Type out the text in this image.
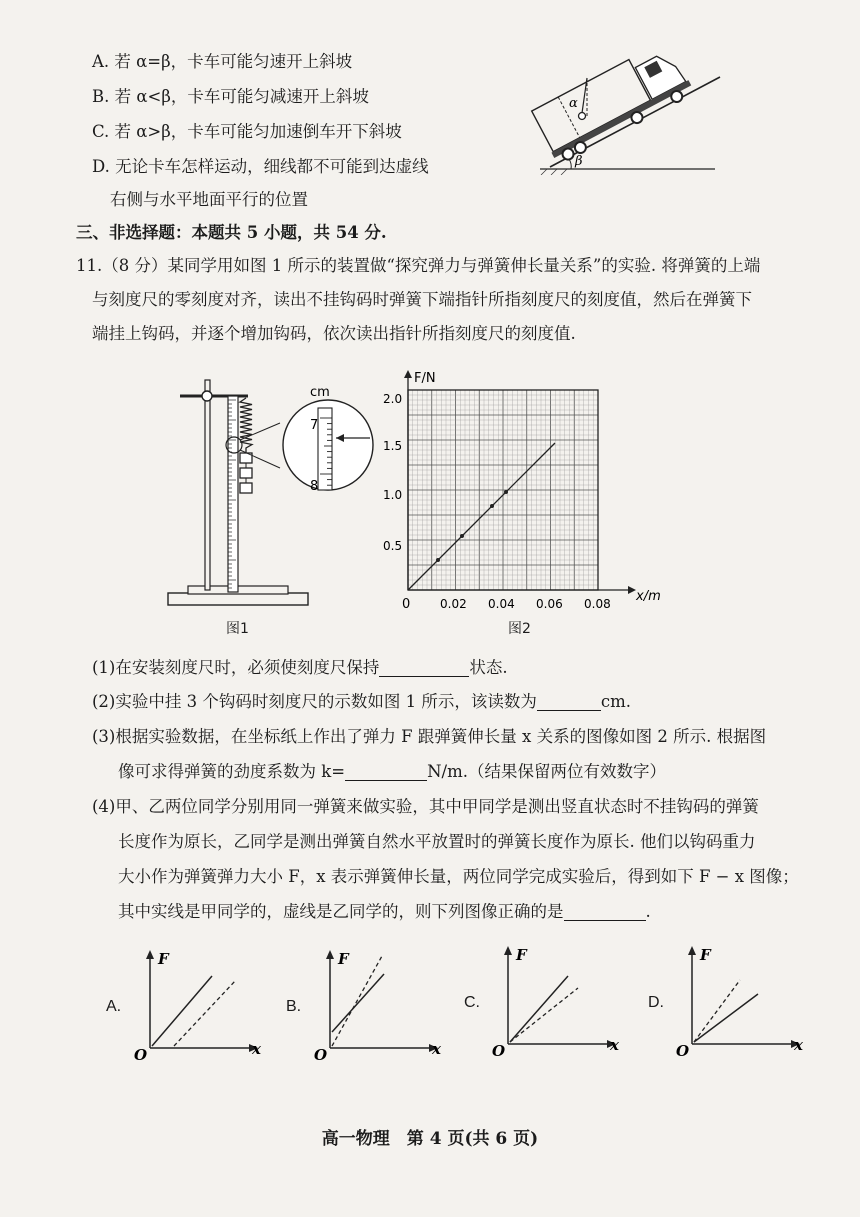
A. 若 α=β，卡车可能匀速开上斜坡
B. 若 α<β，卡车可能匀减速开上斜坡
C. 若 α>β，卡车可能匀加速倒车开下斜坡
D. 无论卡车怎样运动，细线都不可能到达虚线
右侧与水平地面平行的位置
β
α
三、非选择题：本题共 5 小题，共 54 分.
11.（8 分）某同学用如图 1 所示的装置做“探究弹力与弹簧伸长量关系”的实验. 将弹簧的上端
与刻度尺的零刻度对齐，读出不挂钩码时弹簧下端指针所指刻度尺的刻度值，然后在弹簧下
端挂上钩码，并逐个增加钩码，依次读出指针所指刻度尺的刻度值.
7
8
cm
图1
F/N
x/m
0
0.5
1.0
1.5
2.0
0.02 0.04 0.06 0.08
图2
(1)在安装刻度尺时，必须使刻度尺保持	状态.
(2)实验中挂 3 个钩码时刻度尺的示数如图 1 所示，该读数为	cm.
(3)根据实验数据，在坐标纸上作出了弹力 F 跟弹簧伸长量 x 关系的图像如图 2 所示. 根据图
像可求得弹簧的劲度系数为 k=	N/m.（结果保留两位有效数字）
(4)甲、乙两位同学分别用同一弹簧来做实验，其中甲同学是测出竖直状态时不挂钩码的弹簧
长度作为原长，乙同学是测出弹簧自然水平放置时的弹簧长度作为原长. 他们以钩码重力
大小作为弹簧弹力大小 F，x 表示弹簧伸长量，两位同学完成实验后，得到如下 F − x 图像；
其中实线是甲同学的，虚线是乙同学的，则下列图像正确的是	.
A.	B.	C.	D.
F
O	x
F
O	x
F
O	x
F
O	x
高一物理　第 4 页(共 6 页)
